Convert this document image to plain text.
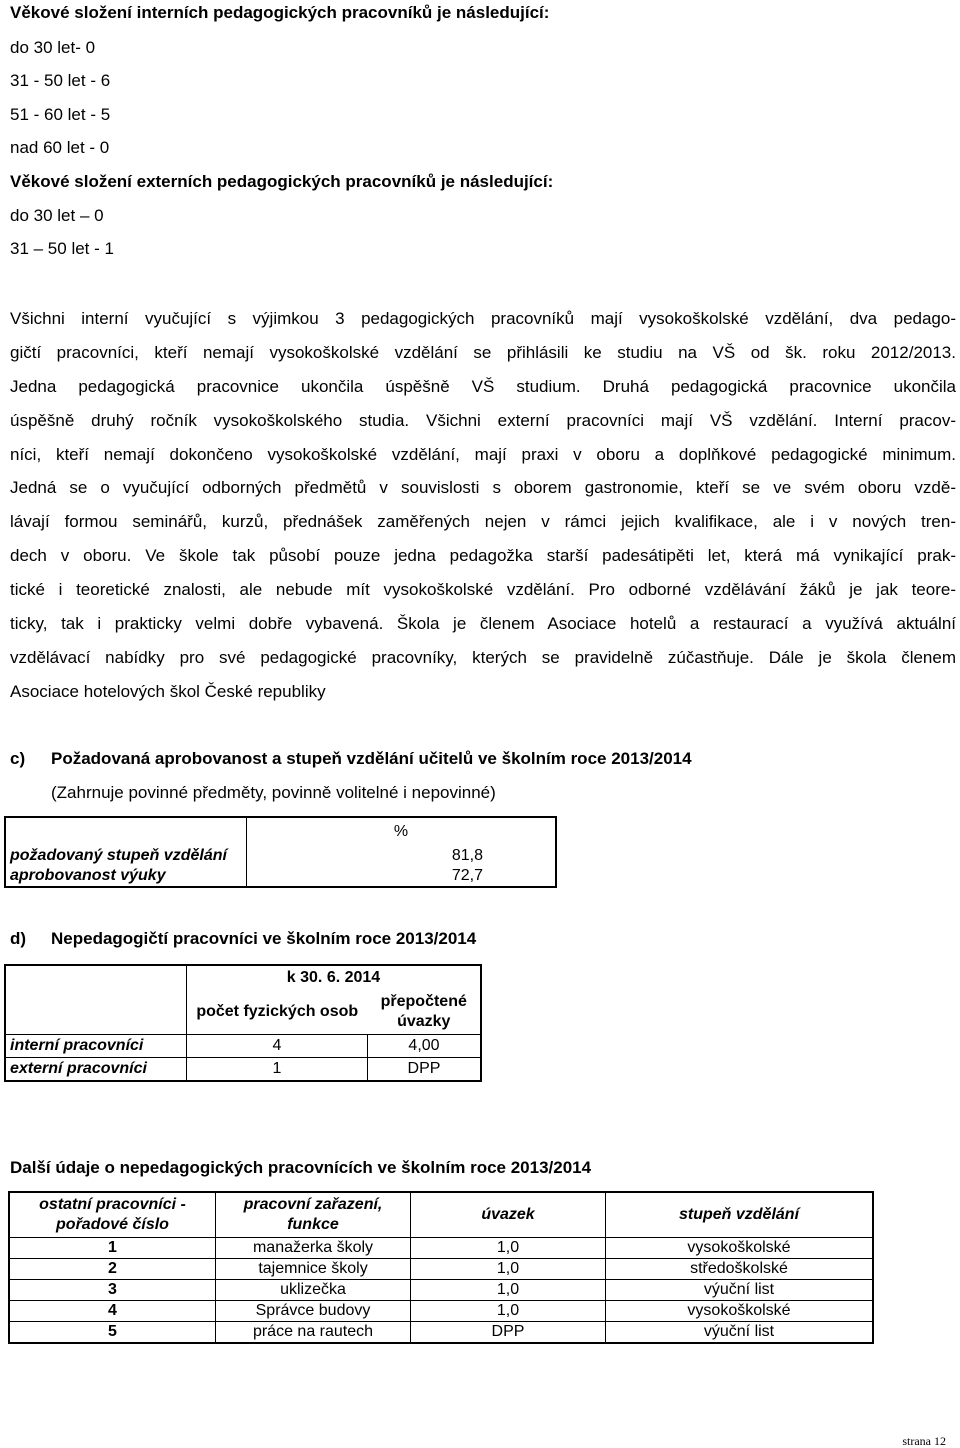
Věkové složení interních pedagogických pracovníků je následující:
do 30 let- 0
31 - 50 let - 6
51 - 60 let - 5
nad 60 let - 0
Věkové složení externích pedagogických pracovníků je následující:
do 30 let – 0
31 – 50 let - 1
Všichni interní vyučující s výjimkou 3 pedagogických pracovníků mají vysokoškolské vzdělání, dva pedago-
gičtí pracovníci, kteří nemají vysokoškolské vzdělání se přihlásili ke studiu na VŠ od šk. roku 2012/2013.
Jedna pedagogická pracovnice ukončila úspěšně VŠ studium. Druhá pedagogická pracovnice ukončila
úspěšně druhý ročník vysokoškolského studia. Všichni externí pracovníci mají VŠ vzdělání. Interní pracov-
níci, kteří nemají dokončeno vysokoškolské vzdělání, mají praxi v oboru a doplňkové pedagogické minimum.
Jedná se o vyučující odborných předmětů v souvislosti s oborem gastronomie, kteří se ve svém oboru vzdě-
lávají formou seminářů, kurzů, přednášek zaměřených nejen v rámci jejich kvalifikace, ale i v nových tren-
dech v oboru. Ve škole tak působí pouze jedna pedagožka starší padesátipěti let, která má vynikající prak-
tické i teoretické znalosti, ale nebude mít vysokoškolské vzdělání. Pro odborné vzdělávání žáků je jak teore-
ticky, tak i prakticky velmi dobře vybavená. Škola je členem Asociace hotelů a restaurací a využívá aktuální
vzdělávací nabídky pro své pedagogické pracovníky, kterých se pravidelně zúčastňuje. Dále je škola členem
Asociace hotelových škol České republiky
c) Požadovaná aprobovanost a stupeň vzdělání učitelů ve školním roce 2013/2014
(Zahrnuje povinné předměty, povinně volitelné i nepovinné)
	%
požadovaný stupeň vzdělání	81,8
aprobovanost výuky	72,7
d) Nepedagogičtí pracovníci ve školním roce 2013/2014
	k 30. 6. 2014	
	počet fyzických osob	přepočtené úvazky
interní pracovníci	4	4,00
externí pracovníci	1	DPP
Další údaje o nepedagogických pracovnících ve školním roce 2013/2014
ostatní pracovníci - pořadové číslo	pracovní zařazení, funkce	úvazek	stupeň vzdělání
1	manažerka školy	1,0	vysokoškolské
2	tajemnice školy	1,0	středoškolské
3	uklizečka	1,0	výuční list
4	Správce budovy	1,0	vysokoškolské
5	práce na rautech	DPP	výuční list
strana 12
